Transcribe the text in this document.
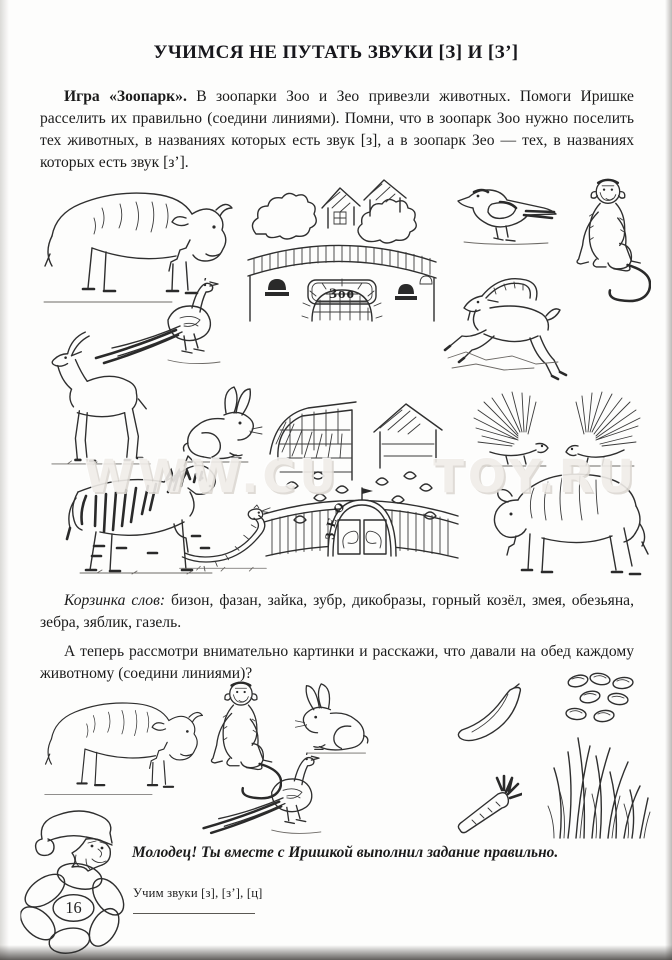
УЧИМСЯ НЕ ПУТАТЬ ЗВУКИ [З] И [З’]

Игра «Зоопарк». В зоопарки Зоо и Зео привезли животных. Помоги Иришке расселить их правильно (соедини линиями). Помни, что в зоопарк Зоо нужно поселить тех животных, в названиях которых есть звук [з], а в зоопарк Зео — тех, в названиях которых есть звук [з’].

Зоо
ЗЕО
WWW.CU TOY.RU

Корзинка слов: бизон, фазан, зайка, зубр, дикобразы, горный козёл, змея, обезьяна, зебра, зяблик, газель.

А теперь рассмотри внимательно картинки и расскажи, что давали на обед каждому животному (соедини линиями)?

Молодец! Ты вместе с Иришкой выполнил задание правильно.

16

Учим звуки [з], [з’], [ц]
